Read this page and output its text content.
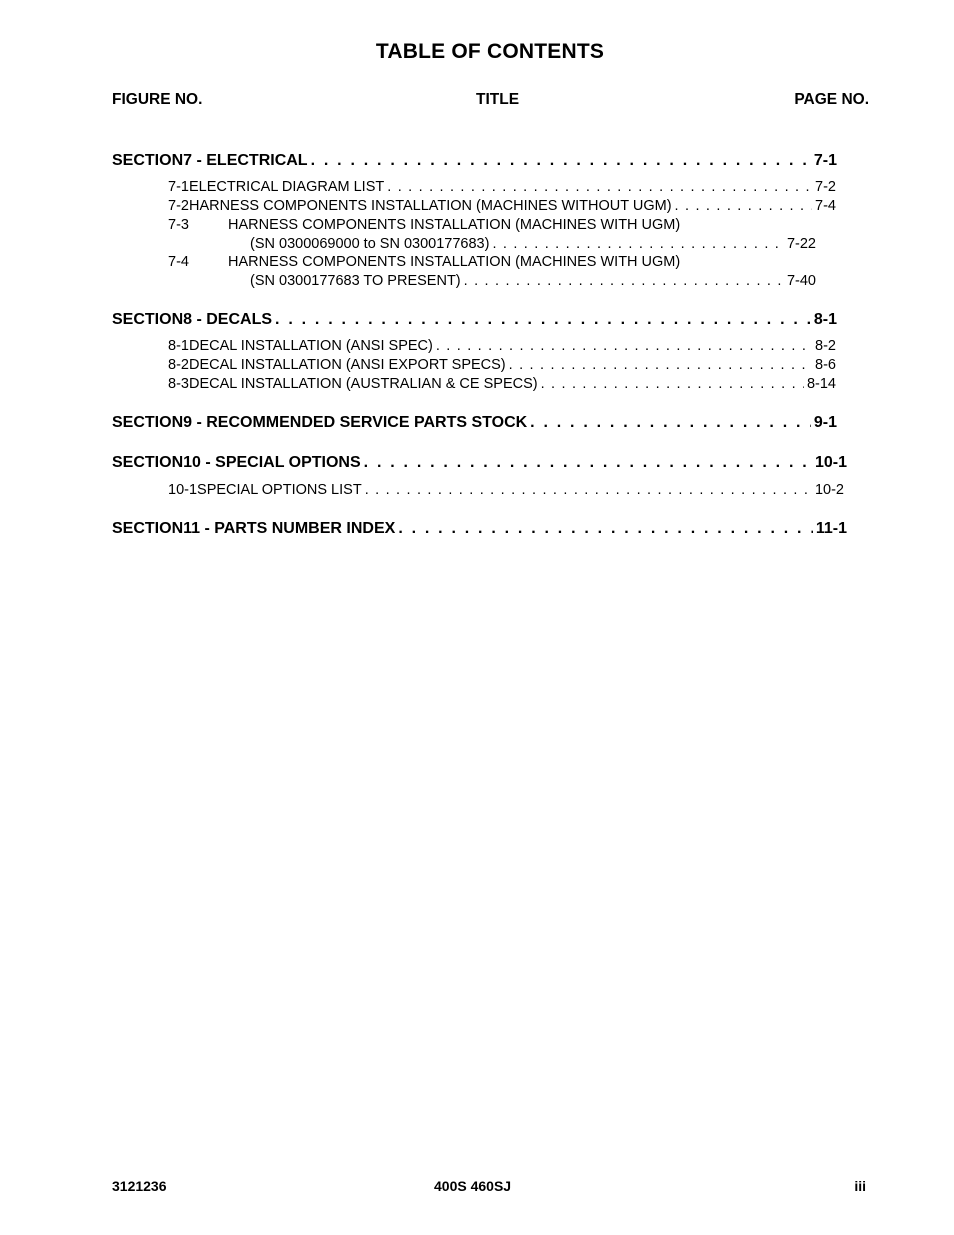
TABLE OF CONTENTS
FIGURE NO.	TITLE	PAGE NO.
SECTION 7 - ELECTRICAL . . .	7-1
7-1 ELECTRICAL DIAGRAM LIST . . .	7-2
7-2 HARNESS COMPONENTS INSTALLATION (MACHINES WITHOUT UGM) . . .	7-4
7-3	HARNESS COMPONENTS INSTALLATION (MACHINES WITH UGM)
(SN 0300069000 to SN 0300177683) . . .	7-22
7-4	HARNESS COMPONENTS INSTALLATION (MACHINES WITH UGM)
(SN 0300177683 TO PRESENT) . . .	7-40
SECTION 8 - DECALS . . .	8-1
8-1 DECAL INSTALLATION (ANSI SPEC) . . .	8-2
8-2 DECAL INSTALLATION (ANSI EXPORT SPECS) . . .	8-6
8-3 DECAL INSTALLATION (AUSTRALIAN & CE SPECS) . . .	8-14
SECTION 9 - RECOMMENDED SERVICE PARTS STOCK . . .	9-1
SECTION 10 - SPECIAL OPTIONS . . .	10-1
10-1 SPECIAL OPTIONS LIST . . .	10-2
SECTION 11 - PARTS NUMBER INDEX . . .	11-1
3121236	400S 460SJ	iii
